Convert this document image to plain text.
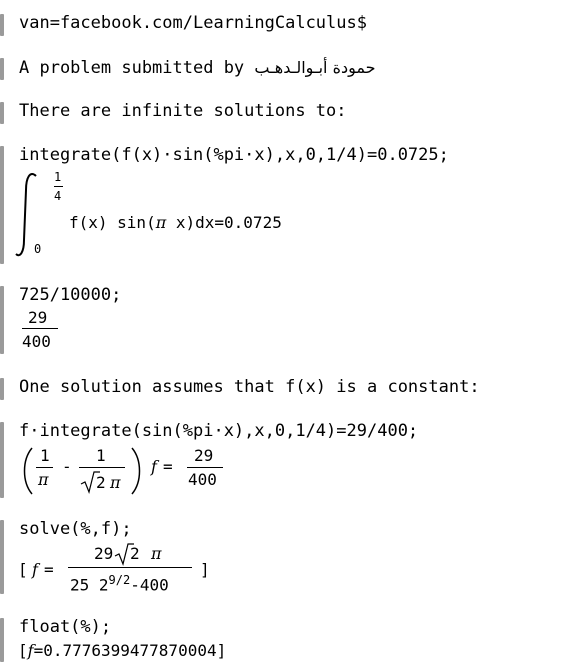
van=facebook.com/LearningCalculus$
A problem submitted by حمودة أبـوالـدهـب
There are infinite solutions to:
integrate(f(x)·sin(%pi·x),x,0,1/4)=0.0725;
1
4
0
f(x) sin(π x)dx=0.0725
725/10000;
29
400
One solution assumes that f(x) is a constant:
f·integrate(sin(%pi·x),x,0,1/4)=29/400;
1
π
-
1
2 π
f =
29
400
solve(%,f);
[ f =
29 2 π
25 $2^{9/2}-400$
]
float(%);
[f=0.7776399477870004]
